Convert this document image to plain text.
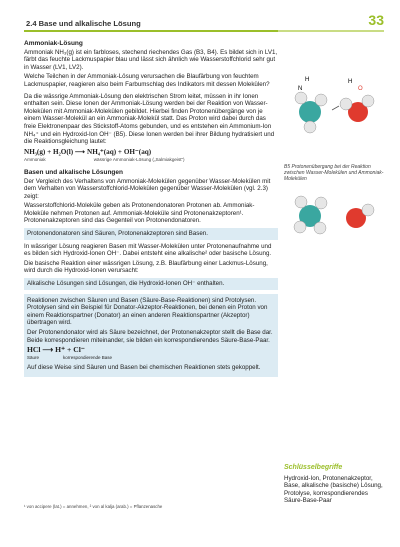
2.4 Base und alkalische Lösung	33
Ammoniak-Lösung

Ammoniak NH₃(g) ist ein farbloses, stechend riechendes Gas (B3, B4). Es bildet sich in LV1, färbt das feuchte Lackmuspapier blau und lässt sich ähnlich wie Wasserstoffchlorid sehr gut in Wasser (LV1, LV2).

Welche Teilchen in der Ammoniak-Lösung verursachen die Blaufärbung von feuchtem Lackmuspapier, reagieren also beim Farbumschlag des Indikators mit dessen Molekülen?

Da die wässrige Ammoniak-Lösung den elektrischen Strom leitet, müssen in ihr Ionen enthalten sein. Diese Ionen der Ammoniak-Lösung werden bei der Reaktion von Wasser-Molekülen mit Ammoniak-Molekülen gebildet. Hierbei finden Protonenübergänge von je einem Wasser-Molekül an ein Ammoniak-Molekül statt. Das Proton wird dabei durch das freie Elektronenpaar des Stickstoff-Atoms gebunden, und es entstehen ein Ammonium-Ion NH₄⁺ und ein Hydroxid-Ion OH⁻ (B5). Diese Ionen werden bei ihrer Bildung hydratisiert und die Reaktionsgleichung lautet:

NH₃(g) + H₂O(l) ⟶ NH₄⁺(aq) + OH⁻(aq)
Ammoniak	wässrige Ammoniak-Lösung („Salmiakgeist“)
Basen und alkalische Lösungen

Der Vergleich des Verhaltens von Ammoniak-Molekülen gegenüber Wasser-Molekülen mit dem Verhalten von Wasserstoffchlorid-Molekülen gegenüber Wasser-Molekülen (vgl. 2.3) zeigt:

Wasserstoffchlorid-Moleküle geben als Protonendonatoren Protonen ab. Ammoniak-Moleküle nehmen Protonen auf. Ammoniak-Moleküle sind Protonenakzeptoren¹. Protonenakzeptoren sind das Gegenteil von Protonendonatoren.

Protonendonatoren sind Säuren, Protonenakzeptoren sind Basen.

In wässriger Lösung reagieren Basen mit Wasser-Molekülen unter Protonenaufnahme und es bilden sich Hydroxid-Ionen OH⁻. Dabei entsteht eine alkalische² oder basische Lösung.

Die basische Reaktion einer wässrigen Lösung, z.B. Blaufärbung einer Lackmus-Lösung, wird durch die Hydroxid-Ionen verursacht:

Alkalische Lösungen sind Lösungen, die Hydroxid-Ionen OH⁻ enthalten.

Reaktionen zwischen Säuren und Basen (Säure-Base-Reaktionen) sind Protolysen. Protolysen sind ein Beispiel für Donator-Akzeptor-Reaktionen, bei denen ein Proton von einem Reaktionspartner (Donator) an einen anderen Reaktionspartner (Akzeptor) übertragen wird.

Der Protonendonator wird als Säure bezeichnet, der Protonenakzeptor stellt die Base dar. Beide korrespondieren miteinander, sie bilden ein korrespondierendes Säure-Base-Paar.

HCl ⟶ H⁺ + Cl⁻
Säure	korrespondierende Base

Auf diese Weise sind Säuren und Basen bei chemischen Reaktionen stets gekoppelt.

H
N
H
O
B5 Protonenübergang bei der Reaktion zwischen Wasser-Molekülen und Ammoniak-Molekülen
Schlüsselbegriffe
Hydroxid-Ion, Protonenakzeptor, Base, alkalische (basische) Lösung, Protolyse, korrespondierendes Säure-Base-Paar
¹ von accipere (lat.) = annehmen, ² von al kalja (arab.) = Pflanzenasche
